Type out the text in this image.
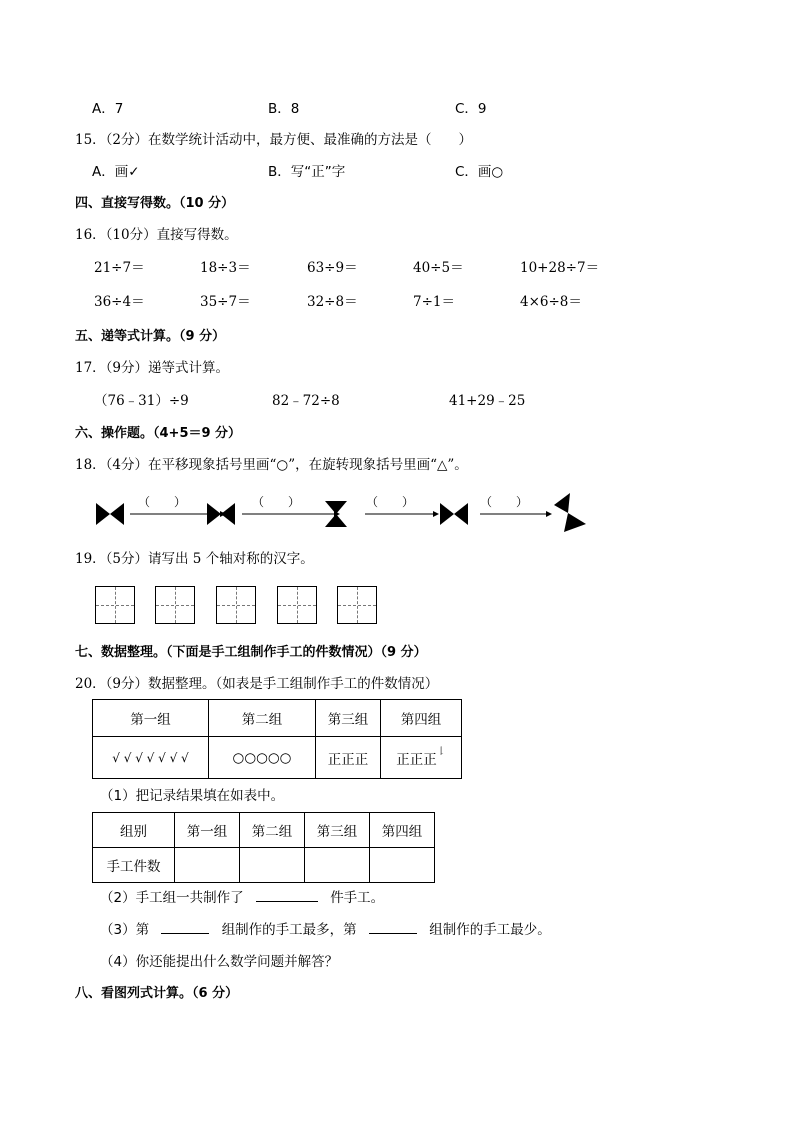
A．7	B．8	C．9
15．（2分）在数学统计活动中，最方便、最准确的方法是（　　）
A．画✓	B．写“正”字	C．画○
四、直接写得数。（10 分）
16．（10分）直接写得数。
21÷7＝	18÷3＝	63÷9＝	40÷5＝	10+28÷7＝
36÷4＝	35÷7＝	32÷8＝	7÷1＝	4×6÷8＝
五、递等式计算。（9 分）
17．（9分）递等式计算。
（76﹣31）÷9	82﹣72÷8	41+29﹣25
六、操作题。（4+5＝9 分）
18．（4分）在平移现象括号里画“○”，在旋转现象括号里画“△”。
（　　）	（　　）	（　　）	（　　）
19．（5分）请写出 5 个轴对称的汉字。
七、数据整理。（下面是手工组制作手工的件数情况）（9 分）
20．（9分）数据整理。（如表是手工组制作手工的件数情况）
第一组	第二组	第三组	第四组
√ √ √ √ √ √ √	○○○○○	正正正	正正正$^𠄌$
（1）把记录结果填在如表中。
组别	第一组	第二组	第三组	第四组
手工件数				
（2）手工组一共制作了	件手工。
（3）第	组制作的手工最多，第	组制作的手工最少。
（4）你还能提出什么数学问题并解答？
八、看图列式计算。（6 分）
